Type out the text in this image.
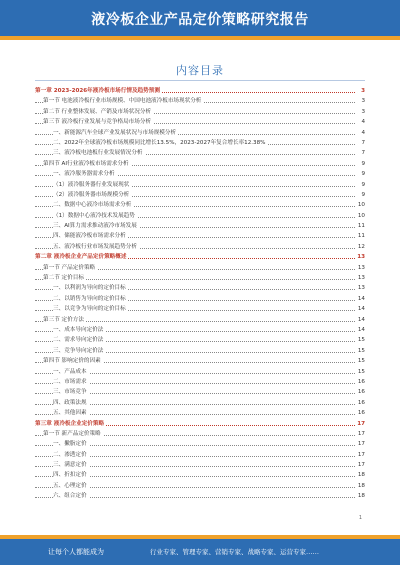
液冷板企业产品定价策略研究报告
内容目录
第一章 2023-2026年液冷板市场行情及趋势预测	3
第一节 电池液冷板行业市场规模、中国电池液冷板市场现状分析	3
第二节 行业整体发展、产销及市场状况分析	3
第三节 液冷板行业发展与竞争格局市场分析	4
一、新能源汽车全球产业发展状况与市场规模分析	4
二、2022年全球液冷板市场规模同比增长13.5%，2023-2027年复合增长率12.38%	7
三、液冷板电池板行业发展情况分析	7
第四节 AI行业液冷板市场需求分析	9
一、液冷服务器需求分析	9
（1）液冷服务器行业发展现状	9
（2）液冷服务器市场规模分析	9
二、数据中心液冷市场需求分析	10
（1）数据中心液冷技术发展趋势	10
三、AI算力需求推动液冷市场发展	11
四、储能液冷板市场需求分析	11
五、液冷板行业市场发展趋势分析	12
第二章 液冷板企业产品定价策略概述	13
第一节 产品定价策略	13
第二节 定价目标	13
一、以利润为导向的定价目标	13
二、以销售为导向的定价目标	14
三、以竞争为导向的定价目标	14
第三节 定价方法	14
一、成本导向定价法	14
二、需求导向定价法	15
三、竞争导向定价法	15
第四节 影响定价的因素	15
一、产品成本	15
二、市场需求	16
三、市场竞争	16
四、政策法规	16
五、其他因素	16
第三章 液冷板企业定价策略	17
第一节 新产品定价策略	17
一、撇脂定价	17
二、渗透定价	17
三、满意定价	17
四、折扣定价	18
五、心理定价	18
六、组合定价	18
1
让每个人都能成为	行业专家、管理专家、营销专家、战略专家、运营专家……
